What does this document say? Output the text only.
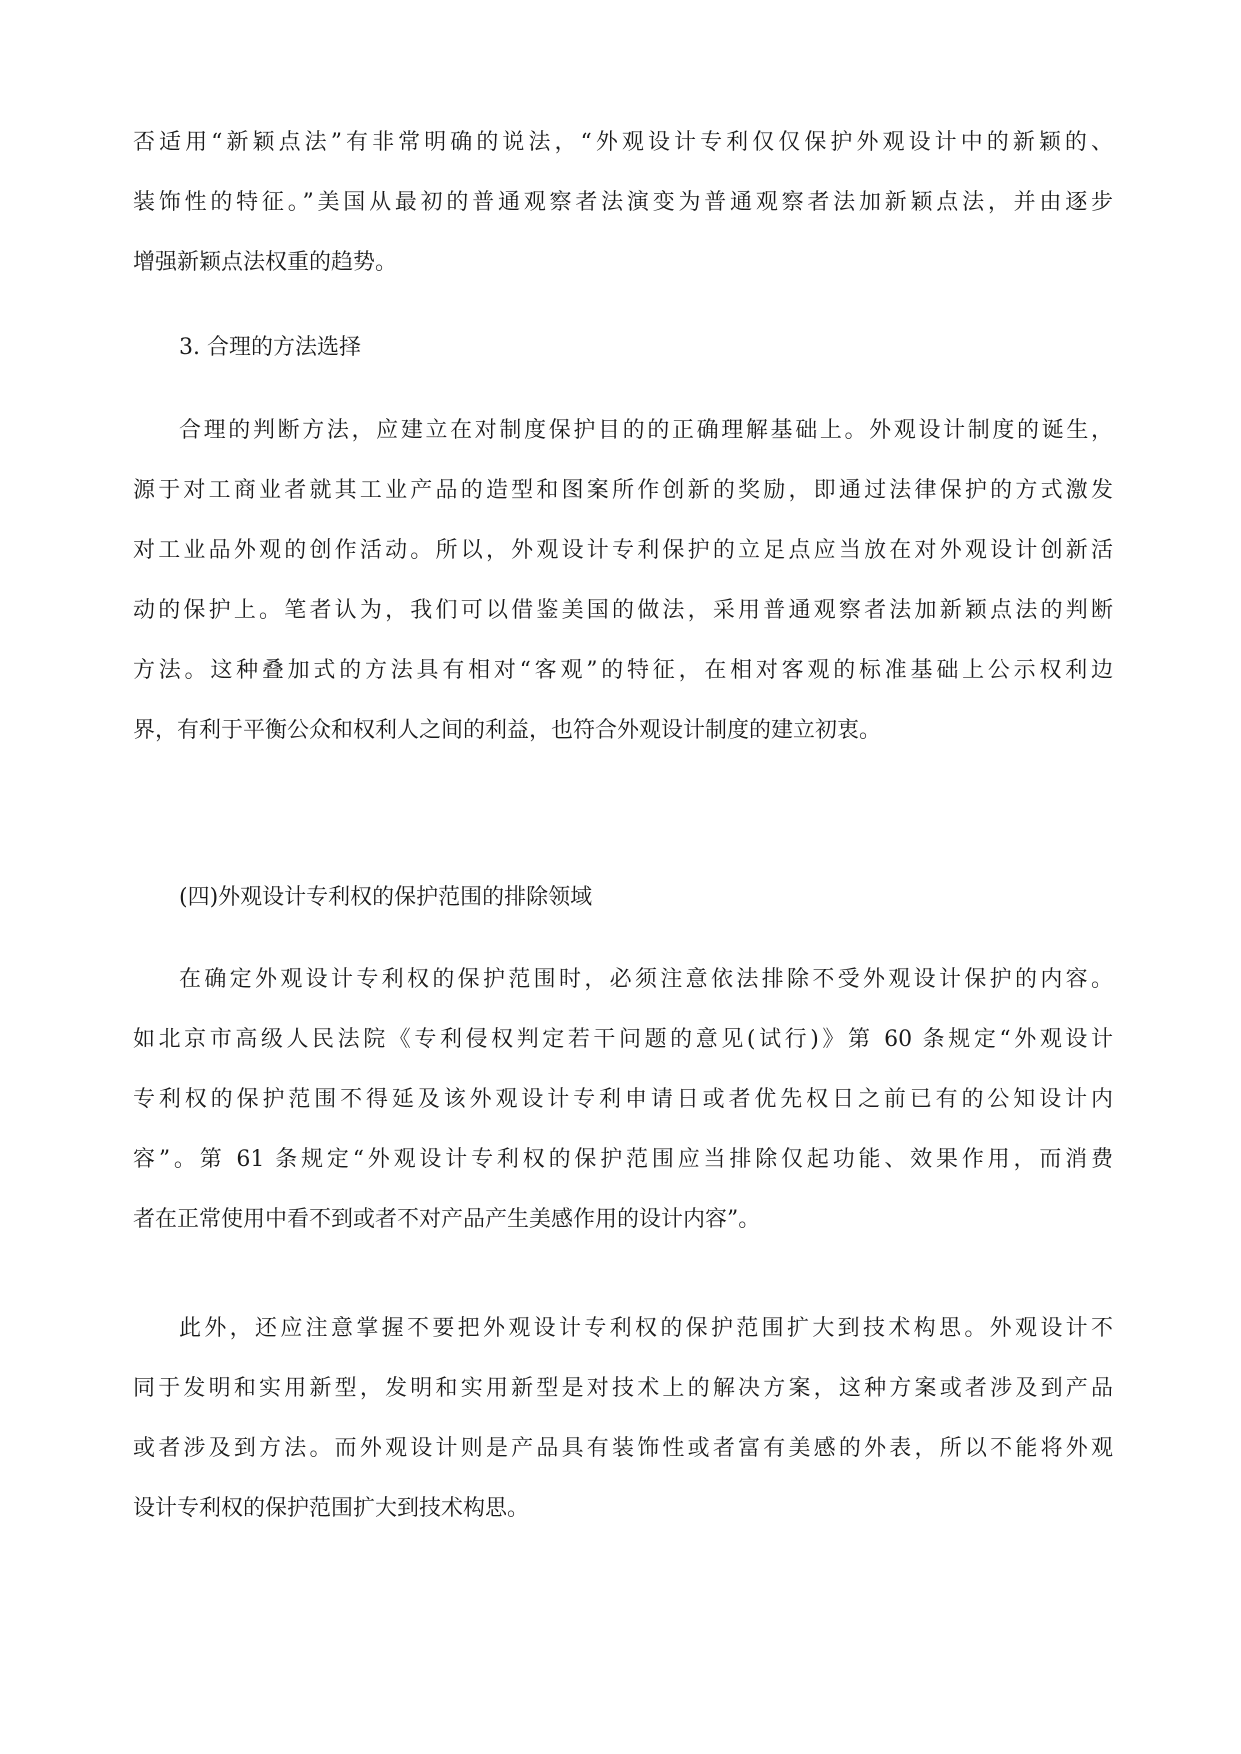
否适用“新颖点法”有非常明确的说法，“外观设计专利仅仅保护外观设计中的新颖的、
装饰性的特征。”美国从最初的普通观察者法演变为普通观察者法加新颖点法，并由逐步
增强新颖点法权重的趋势。
3. 合理的方法选择
合理的判断方法，应建立在对制度保护目的的正确理解基础上。外观设计制度的诞生，
源于对工商业者就其工业产品的造型和图案所作创新的奖励，即通过法律保护的方式激发
对工业品外观的创作活动。所以，外观设计专利保护的立足点应当放在对外观设计创新活
动的保护上。笔者认为，我们可以借鉴美国的做法，采用普通观察者法加新颖点法的判断
方法。这种叠加式的方法具有相对“客观”的特征，在相对客观的标准基础上公示权利边
界，有利于平衡公众和权利人之间的利益，也符合外观设计制度的建立初衷。
(四)外观设计专利权的保护范围的排除领域
在确定外观设计专利权的保护范围时，必须注意依法排除不受外观设计保护的内容。
如北京市高级人民法院《专利侵权判定若干问题的意见(试行)》第 60 条规定“外观设计
专利权的保护范围不得延及该外观设计专利申请日或者优先权日之前已有的公知设计内
容”。第 61 条规定“外观设计专利权的保护范围应当排除仅起功能、效果作用，而消费
者在正常使用中看不到或者不对产品产生美感作用的设计内容”。
此外，还应注意掌握不要把外观设计专利权的保护范围扩大到技术构思。外观设计不
同于发明和实用新型，发明和实用新型是对技术上的解决方案，这种方案或者涉及到产品
或者涉及到方法。而外观设计则是产品具有装饰性或者富有美感的外表，所以不能将外观
设计专利权的保护范围扩大到技术构思。
